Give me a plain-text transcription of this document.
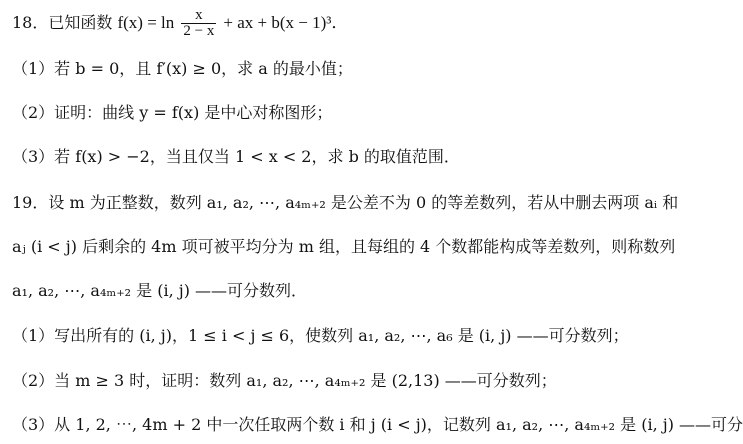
18．已知函数 $f(x) = \ln \frac{x}{2 - x}$ + ax + b(x − 1)³．
（1）若 b = 0，且 f′(x) ≥ 0，求 a 的最小值；
（2）证明：曲线 y = f(x) 是中心对称图形；
（3）若 f(x) > −2，当且仅当 1 < x < 2，求 b 的取值范围．
19．设 m 为正整数，数列 a₁, a₂, ⋯, a₄ₘ₊₂ 是公差不为 0 的等差数列，若从中删去两项 aᵢ 和
aⱼ (i < j) 后剩余的 4m 项可被平均分为 m 组，且每组的 4 个数都能构成等差数列，则称数列
a₁, a₂, ⋯, a₄ₘ₊₂ 是 (i, j) ——可分数列．
（1）写出所有的 (i, j)，1 ≤ i < j ≤ 6，使数列 a₁, a₂, ⋯, a₆ 是 (i, j) ——可分数列；
（2）当 m ≥ 3 时，证明：数列 a₁, a₂, ⋯, a₄ₘ₊₂ 是 (2,13) ——可分数列；
（3）从 1, 2, ⋯, 4m + 2 中一次任取两个数 i 和 j (i < j)，记数列 a₁, a₂, ⋯, a₄ₘ₊₂ 是 (i, j) ——可分
